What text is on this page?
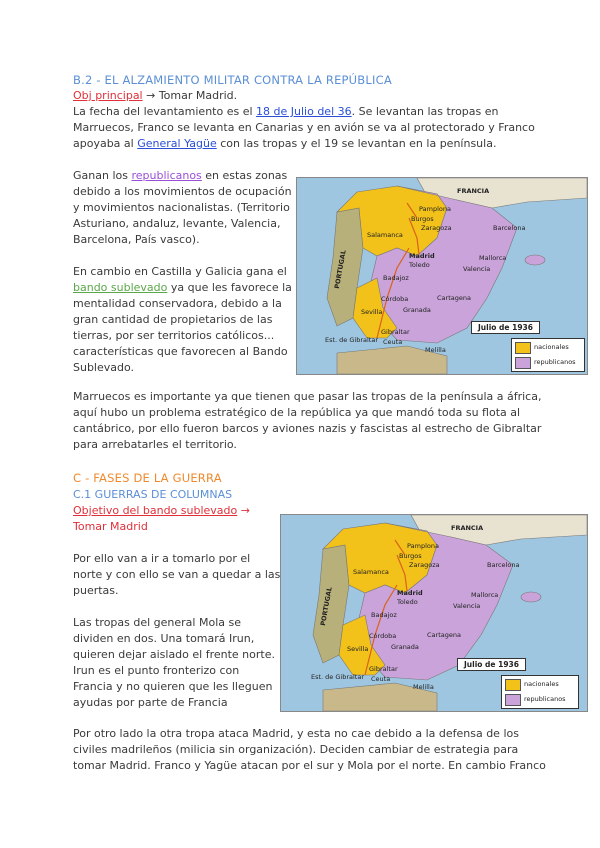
B.2 - EL ALZAMIENTO MILITAR CONTRA LA REPÚBLICA
Obj principal → Tomar Madrid.
La fecha del levantamiento es el 18 de Julio del 36. Se levantan las tropas en
Marruecos, Franco se levanta en Canarias y en avión se va al protectorado y Franco
apoyaba al General Yagüe con las tropas y el 19 se levantan en la península.
Ganan los republicanos en estas zonas
debido a los movimientos de ocupación
y movimientos nacionalistas. (Territorio
Asturiano, andaluz, levante, Valencia,
Barcelona, País vasco).
En cambio en Castilla y Galicia gana el
bando sublevado ya que les favorece la
mentalidad conservadora, debido a la
gran cantidad de propietarios de las
tierras, por ser territorios católicos...
características que favorecen al Bando
Sublevado.
FRANCIA
Pamplona
Burgos
Zaragoza
Salamanca
Barcelona
Madrid
Toledo
Badajoz
Mallorca
Valencia
PORTUGAL
Córdoba
Granada
Sevilla
Cartagena
Gibraltar
Ceuta
Melilla
Est. de Gibraltar
Julio de 1936
nacionales
republicanos
Marruecos es importante ya que tienen que pasar las tropas de la península a áfrica,
aquí hubo un problema estratégico de la república ya que mandó toda su flota al
cantábrico, por ello fueron barcos y aviones nazis y fascistas al estrecho de Gibraltar
para arrebatarles el territorio.
C - FASES DE LA GUERRA
C.1 GUERRAS DE COLUMNAS
Objetivo del bando sublevado →
Tomar Madrid
Por ello van a ir a tomarlo por el
norte y con ello se van a quedar a las
puertas.
Las tropas del general Mola se
dividen en dos. Una tomará Irun,
quieren dejar aislado el frente norte.
Irun es el punto fronterizo con
Francia y no quieren que les lleguen
ayudas por parte de Francia
FRANCIA
Pamplona
Burgos
Zaragoza
Salamanca
Barcelona
Madrid
Toledo
Badajoz
Mallorca
Valencia
PORTUGAL
Córdoba
Granada
Sevilla
Cartagena
Gibraltar
Ceuta
Melilla
Est. de Gibraltar
Julio de 1936
nacionales
republicanos
Por otro lado la otra tropa ataca Madrid, y esta no cae debido a la defensa de los
civiles madrileños (milicia sin organización). Deciden cambiar de estrategia para
tomar Madrid. Franco y Yagüe atacan por el sur y Mola por el norte. En cambio Franco
